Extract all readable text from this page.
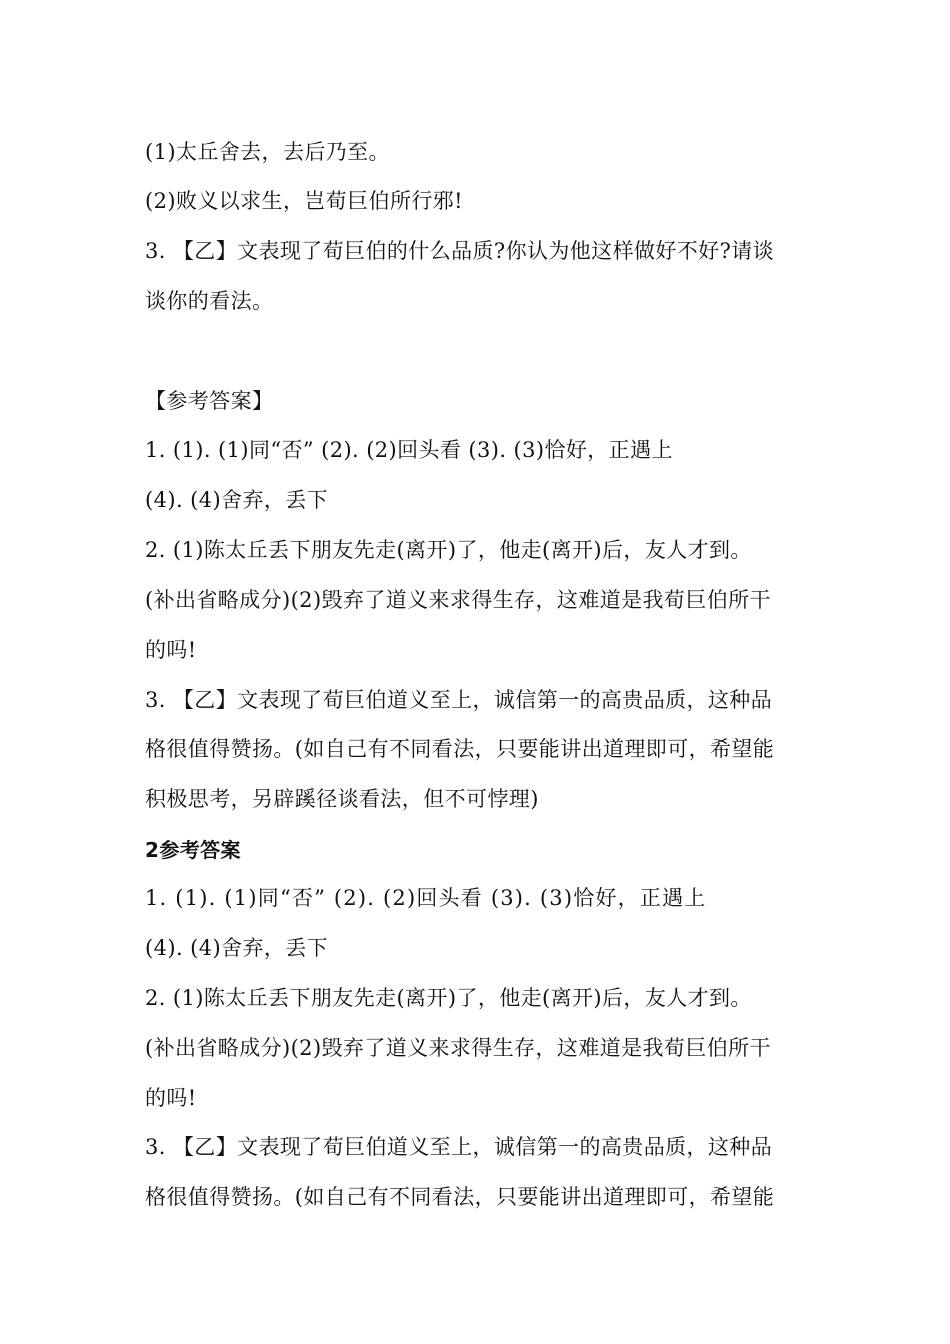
(1)太丘舍去，去后乃至。
(2)败义以求生，岂荀巨伯所行邪!
3. 【乙】文表现了荀巨伯的什么品质?你认为他这样做好不好?请谈
谈你的看法。
【参考答案】
1. (1). (1)同“否” (2). (2)回头看 (3). (3)恰好，正遇上
(4). (4)舍弃，丢下
2. (1)陈太丘丢下朋友先走(离开)了，他走(离开)后，友人才到。
(补出省略成分)(2)毁弃了道义来求得生存，这难道是我荀巨伯所干
的吗!
3. 【乙】文表现了荀巨伯道义至上，诚信第一的高贵品质，这种品
格很值得赞扬。(如自己有不同看法，只要能讲出道理即可，希望能
积极思考，另辟蹊径谈看法，但不可悖理)
2参考答案
1. (1). (1)同“否” (2). (2)回头看 (3). (3)恰好，正遇上
(4). (4)舍弃，丢下
2. (1)陈太丘丢下朋友先走(离开)了，他走(离开)后，友人才到。
(补出省略成分)(2)毁弃了道义来求得生存，这难道是我荀巨伯所干
的吗!
3. 【乙】文表现了荀巨伯道义至上，诚信第一的高贵品质，这种品
格很值得赞扬。(如自己有不同看法，只要能讲出道理即可，希望能
